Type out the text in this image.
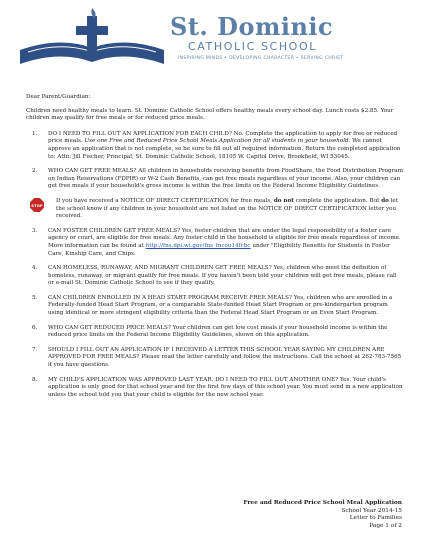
St. Dominic
CATHOLIC SCHOOL
INSPIRING MINDS • DEVELOPING CHARACTER • SERVING CHRIST

Dear Parent/Guardian:

Children need healthy meals to learn. St. Dominic Catholic School offers healthy meals every school day. Lunch costs $2.85. Your children may qualify for free meals or for reduced price meals.

1. DO I NEED TO FILL OUT AN APPLICATION FOR EACH CHILD? No. Complete the application to apply for free or reduced price meals. Use one Free and Reduced Price School Meals Application for all students in your household. We cannot approve an application that is not complete, so be sure to fill out all required information. Return the completed application to: Attn: Jill Fischer, Principal, St. Dominic Catholic School, 18105 W. Capitol Drive, Brookfield, WI 53045.

2. WHO CAN GET FREE MEALS? All children in households receiving benefits from FoodShare, the Food Distribution Program on Indian Reservations (FDPIR) or W-2 Cash Benefits, can get free meals regardless of your income. Also, your children can get free meals if your household's gross income is within the free limits on the Federal Income Eligibility Guidelines.

STOP

If you have received a NOTICE OF DIRECT CERTIFICATION for free meals, do not complete the application. But do let the school know if any children in your household are not listed on the NOTICE OF DIRECT CERTIFICATION letter you received.

3. CAN FOSTER CHILDREN GET FREE MEALS? Yes, foster children that are under the legal responsibility of a foster care agency or court, are eligible for free meals. Any foster child in the household is eligible for free meals regardless of income. More information can be found at http://fns.dpi.wi.gov/fns_fncou14fcbc under "Eligibility Benefits for Students in Foster Care, Kinship Care, and Chips.

4. CAN HOMELESS, RUNAWAY, AND MIGRANT CHILDREN GET FREE MEALS? Yes, children who meet the definition of homeless, runaway, or migrant qualify for free meals. If you haven't been told your children will get free meals, please call or e-mail St. Dominic Catholic School to see if they qualify.

5. CAN CHILDREN ENROLLED IN A HEAD START PROGRAM RECEIVE FREE MEALS? Yes, children who are enrolled in a Federally-funded Head Start Program, or a comparable State-funded Head Start Program or pre-kindergarten program using identical or more stringent eligibility criteria than the Federal Head Start Program or an Even Start Program.

6. WHO CAN GET REDUCED PRICE MEALS? Your children can get low cost meals if your household income is within the reduced price limits on the Federal Income Eligibility Guidelines, shown on this application.

7. SHOULD I FILL OUT AN APPLICATION IF I RECEIVED A LETTER THIS SCHOOL YEAR SAYING MY CHILDREN ARE APPROVED FOR FREE MEALS? Please read the letter carefully and follow the instructions. Call the school at 262-783-7565 if you have questions.

8. MY CHILD'S APPLICATION WAS APPROVED LAST YEAR. DO I NEED TO FILL OUT ANOTHER ONE? Yes. Your child's application is only good for that school year and for the first few days of this school year. You must send in a new application unless the school told you that your child is eligible for the new school year.

Free and Reduced Price School Meal Application
School Year 2014-15
Letter to Families
Page 1 of 2
